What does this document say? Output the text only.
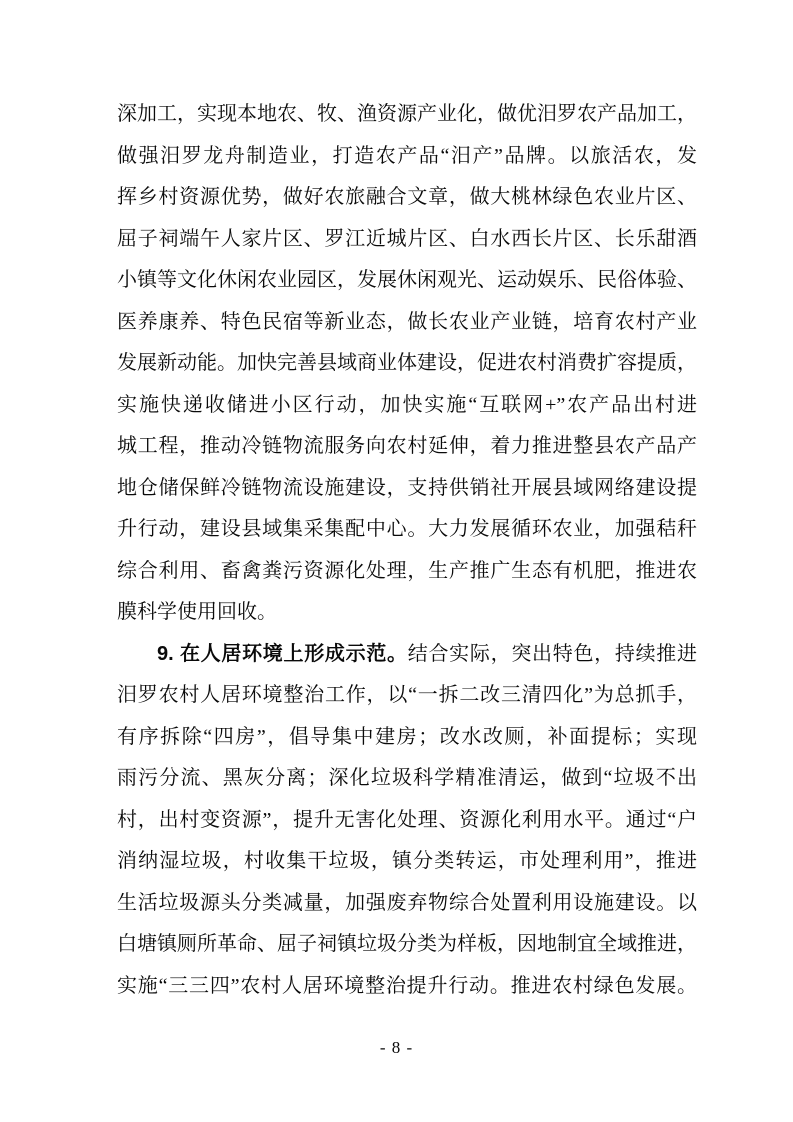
深加工，实现本地农、牧、渔资源产业化，做优汨罗农产品加工，
做强汨罗龙舟制造业，打造农产品“汨产”品牌。以旅活农，发
挥乡村资源优势，做好农旅融合文章，做大桃林绿色农业片区、
屈子祠端午人家片区、罗江近城片区、白水西长片区、长乐甜酒
小镇等文化休闲农业园区，发展休闲观光、运动娱乐、民俗体验、
医养康养、特色民宿等新业态，做长农业产业链，培育农村产业
发展新动能。加快完善县域商业体建设，促进农村消费扩容提质，
实施快递收储进小区行动，加快实施“互联网+”农产品出村进
城工程，推动冷链物流服务向农村延伸，着力推进整县农产品产
地仓储保鲜冷链物流设施建设，支持供销社开展县域网络建设提
升行动，建设县域集采集配中心。大力发展循环农业，加强秸秆
综合利用、畜禽粪污资源化处理，生产推广生态有机肥，推进农
膜科学使用回收。
9. 在人居环境上形成示范。结合实际，突出特色，持续推进
汨罗农村人居环境整治工作，以“一拆二改三清四化”为总抓手，
有序拆除“四房”，倡导集中建房；改水改厕，补面提标；实现
雨污分流、黑灰分离；深化垃圾科学精准清运，做到“垃圾不出
村，出村变资源”，提升无害化处理、资源化利用水平。通过“户
消纳湿垃圾，村收集干垃圾，镇分类转运，市处理利用”，推进
生活垃圾源头分类减量，加强废弃物综合处置利用设施建设。以
白塘镇厕所革命、屈子祠镇垃圾分类为样板，因地制宜全域推进，
实施“三三四”农村人居环境整治提升行动。推进农村绿色发展。
- 8 -
